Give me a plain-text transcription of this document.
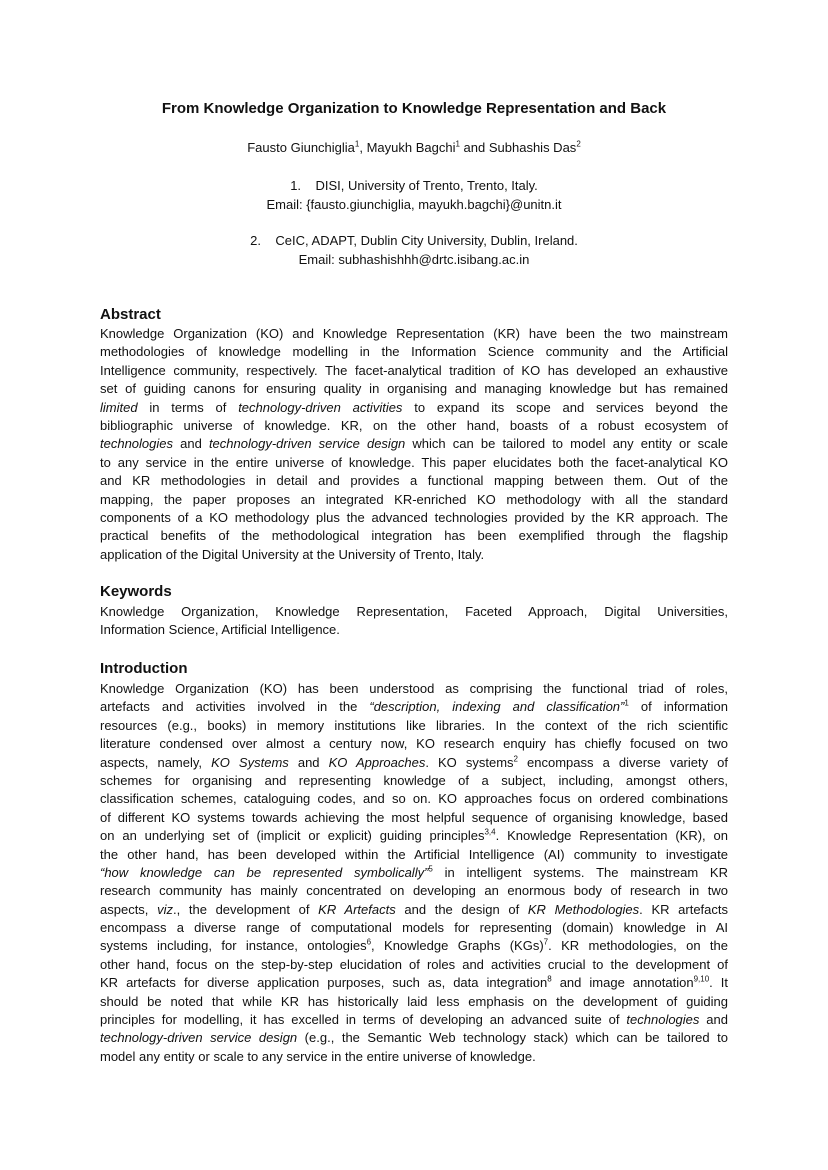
From Knowledge Organization to Knowledge Representation and Back
Fausto Giunchiglia$^1$, Mayukh Bagchi$^1$ and Subhashis Das$^2$
1. DISI, University of Trento, Trento, Italy.
Email: {fausto.giunchiglia, mayukh.bagchi}@unitn.it
2. CeIC, ADAPT, Dublin City University, Dublin, Ireland.
Email: subhashishhh@drtc.isibang.ac.in
Abstract
Knowledge Organization (KO) and Knowledge Representation (KR) have been the two mainstream
methodologies of knowledge modelling in the Information Science community and the Artificial
Intelligence community, respectively. The facet-analytical tradition of KO has developed an exhaustive
set of guiding canons for ensuring quality in organising and managing knowledge but has remained
limited in terms of technology-driven activities to expand its scope and services beyond the
bibliographic universe of knowledge. KR, on the other hand, boasts of a robust ecosystem of
technologies and technology-driven service design which can be tailored to model any entity or scale
to any service in the entire universe of knowledge. This paper elucidates both the facet-analytical KO
and KR methodologies in detail and provides a functional mapping between them. Out of the
mapping, the paper proposes an integrated KR-enriched KO methodology with all the standard
components of a KO methodology plus the advanced technologies provided by the KR approach. The
practical benefits of the methodological integration has been exemplified through the flagship
application of the Digital University at the University of Trento, Italy.
Keywords
Knowledge Organization, Knowledge Representation, Faceted Approach, Digital Universities,
Information Science, Artificial Intelligence.
Introduction
Knowledge Organization (KO) has been understood as comprising the functional triad of roles,
artefacts and activities involved in the “description, indexing and classification”$^1$ of information
resources (e.g., books) in memory institutions like libraries. In the context of the rich scientific
literature condensed over almost a century now, KO research enquiry has chiefly focused on two
aspects, namely, KO Systems and KO Approaches. KO systems$^2$ encompass a diverse variety of
schemes for organising and representing knowledge of a subject, including, amongst others,
classification schemes, cataloguing codes, and so on. KO approaches focus on ordered combinations
of different KO systems towards achieving the most helpful sequence of organising knowledge, based
on an underlying set of (implicit or explicit) guiding principles$^{3,4}$. Knowledge Representation (KR), on
the other hand, has been developed within the Artificial Intelligence (AI) community to investigate
“how knowledge can be represented symbolically”$^5$ in intelligent systems. The mainstream KR
research community has mainly concentrated on developing an enormous body of research in two
aspects, viz., the development of KR Artefacts and the design of KR Methodologies. KR artefacts
encompass a diverse range of computational models for representing (domain) knowledge in AI
systems including, for instance, ontologies$^6$, Knowledge Graphs (KGs)$^7$. KR methodologies, on the
other hand, focus on the step-by-step elucidation of roles and activities crucial to the development of
KR artefacts for diverse application purposes, such as, data integration$^8$ and image annotation$^{9,10}$. It
should be noted that while KR has historically laid less emphasis on the development of guiding
principles for modelling, it has excelled in terms of developing an advanced suite of technologies and
technology-driven service design (e.g., the Semantic Web technology stack) which can be tailored to
model any entity or scale to any service in the entire universe of knowledge.
